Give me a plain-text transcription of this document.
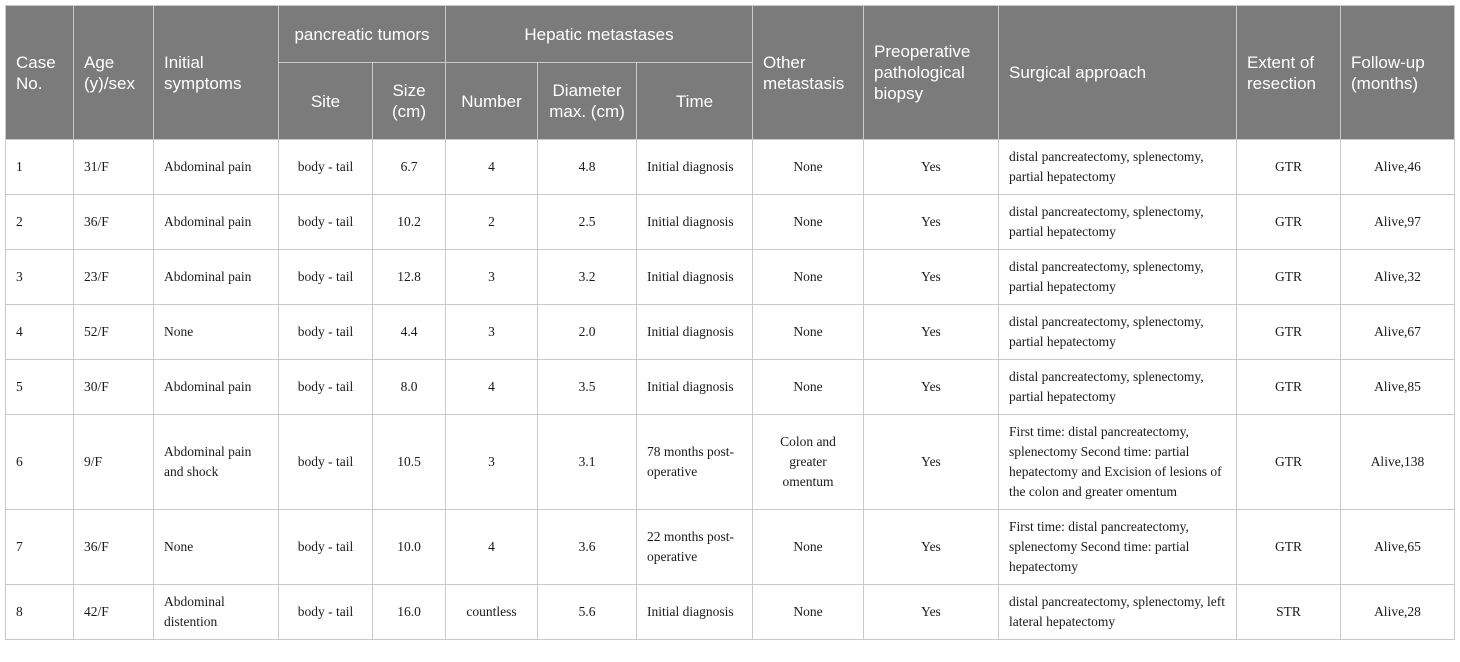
Case No.	Age (y)/sex	Initial symptoms	pancreatic tumors		Hepatic metastases			Other metastasis	Preoperative pathological biopsy	Surgical approach	Extent of resection	Follow-up (months)
			Site	Size (cm)	Number	Diameter max. (cm)	Time					
1	31/F	Abdominal pain	body - tail	6.7	4	4.8	Initial diagnosis	None	Yes	distal pancreatectomy, splenectomy, partial hepatectomy	GTR	Alive,46
2	36/F	Abdominal pain	body - tail	10.2	2	2.5	Initial diagnosis	None	Yes	distal pancreatectomy, splenectomy, partial hepatectomy	GTR	Alive,97
3	23/F	Abdominal pain	body - tail	12.8	3	3.2	Initial diagnosis	None	Yes	distal pancreatectomy, splenectomy, partial hepatectomy	GTR	Alive,32
4	52/F	None	body - tail	4.4	3	2.0	Initial diagnosis	None	Yes	distal pancreatectomy, splenectomy, partial hepatectomy	GTR	Alive,67
5	30/F	Abdominal pain	body - tail	8.0	4	3.5	Initial diagnosis	None	Yes	distal pancreatectomy, splenectomy, partial hepatectomy	GTR	Alive,85
6	9/F	Abdominal pain and shock	body - tail	10.5	3	3.1	78 months post-operative	Colon and greater omentum	Yes	First time: distal pancreatectomy, splenectomy Second time: partial hepatectomy and Excision of lesions of the colon and greater omentum	GTR	Alive,138
7	36/F	None	body - tail	10.0	4	3.6	22 months post-operative	None	Yes	First time: distal pancreatectomy, splenectomy Second time: partial hepatectomy	GTR	Alive,65
8	42/F	Abdominal distention	body - tail	16.0	countless	5.6	Initial diagnosis	None	Yes	distal pancreatectomy, splenectomy, left lateral hepatectomy	STR	Alive,28
